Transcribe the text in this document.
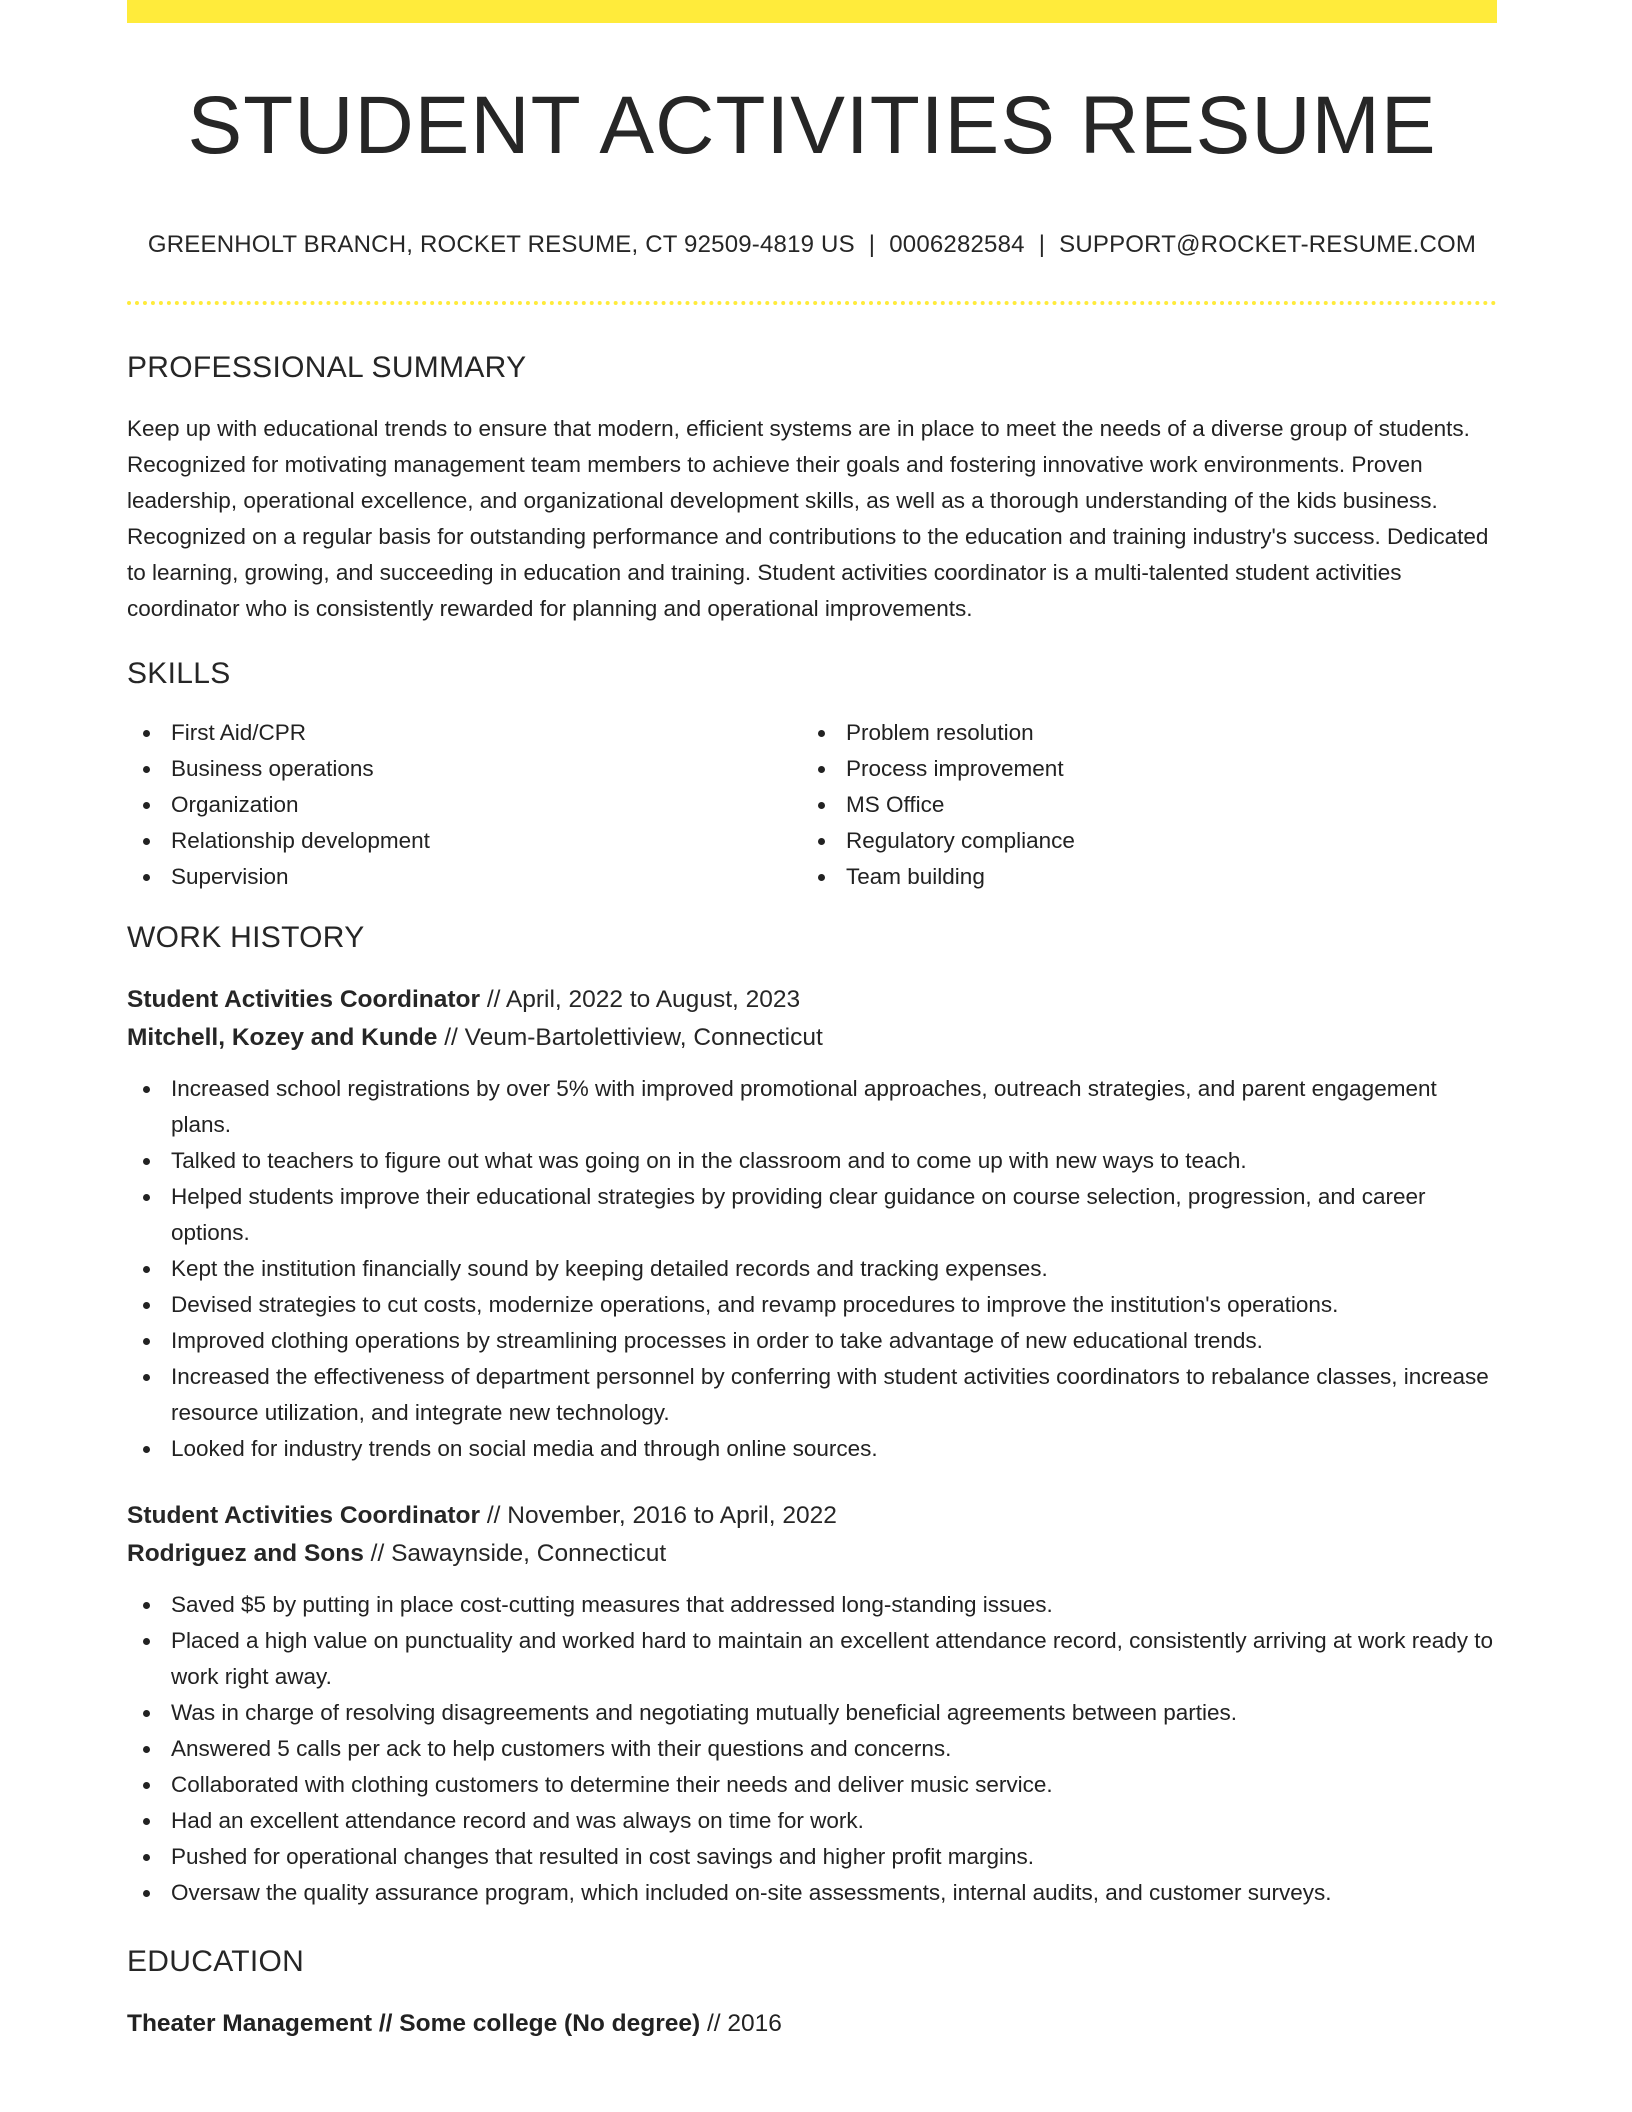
STUDENT ACTIVITIES RESUME
GREENHOLT BRANCH, ROCKET RESUME, CT 92509-4819 US | 0006282584 | SUPPORT@ROCKET-RESUME.COM
PROFESSIONAL SUMMARY

Keep up with educational trends to ensure that modern, efficient systems are in place to meet the needs of a diverse group of students. Recognized for motivating management team members to achieve their goals and fostering innovative work environments. Proven leadership, operational excellence, and organizational development skills, as well as a thorough understanding of the kids business. Recognized on a regular basis for outstanding performance and contributions to the education and training industry's success. Dedicated to learning, growing, and succeeding in education and training. Student activities coordinator is a multi-talented student activities coordinator who is consistently rewarded for planning and operational improvements.

SKILLS
First Aid/CPR
Business operations
Organization
Relationship development
Supervision
Problem resolution
Process improvement
MS Office
Regulatory compliance
Team building
WORK HISTORY
Student Activities Coordinator // April, 2022 to August, 2023
Mitchell, Kozey and Kunde // Veum-Bartolettiview, Connecticut
Increased school registrations by over 5% with improved promotional approaches, outreach strategies, and parent engagement plans.
Talked to teachers to figure out what was going on in the classroom and to come up with new ways to teach.
Helped students improve their educational strategies by providing clear guidance on course selection, progression, and career options.
Kept the institution financially sound by keeping detailed records and tracking expenses.
Devised strategies to cut costs, modernize operations, and revamp procedures to improve the institution's operations.
Improved clothing operations by streamlining processes in order to take advantage of new educational trends.
Increased the effectiveness of department personnel by conferring with student activities coordinators to rebalance classes, increase resource utilization, and integrate new technology.
Looked for industry trends on social media and through online sources.
Student Activities Coordinator // November, 2016 to April, 2022
Rodriguez and Sons // Sawaynside, Connecticut
Saved $5 by putting in place cost-cutting measures that addressed long-standing issues.
Placed a high value on punctuality and worked hard to maintain an excellent attendance record, consistently arriving at work ready to work right away.
Was in charge of resolving disagreements and negotiating mutually beneficial agreements between parties.
Answered 5 calls per ack to help customers with their questions and concerns.
Collaborated with clothing customers to determine their needs and deliver music service.
Had an excellent attendance record and was always on time for work.
Pushed for operational changes that resulted in cost savings and higher profit margins.
Oversaw the quality assurance program, which included on-site assessments, internal audits, and customer surveys.
EDUCATION
Theater Management // Some college (No degree) // 2016
